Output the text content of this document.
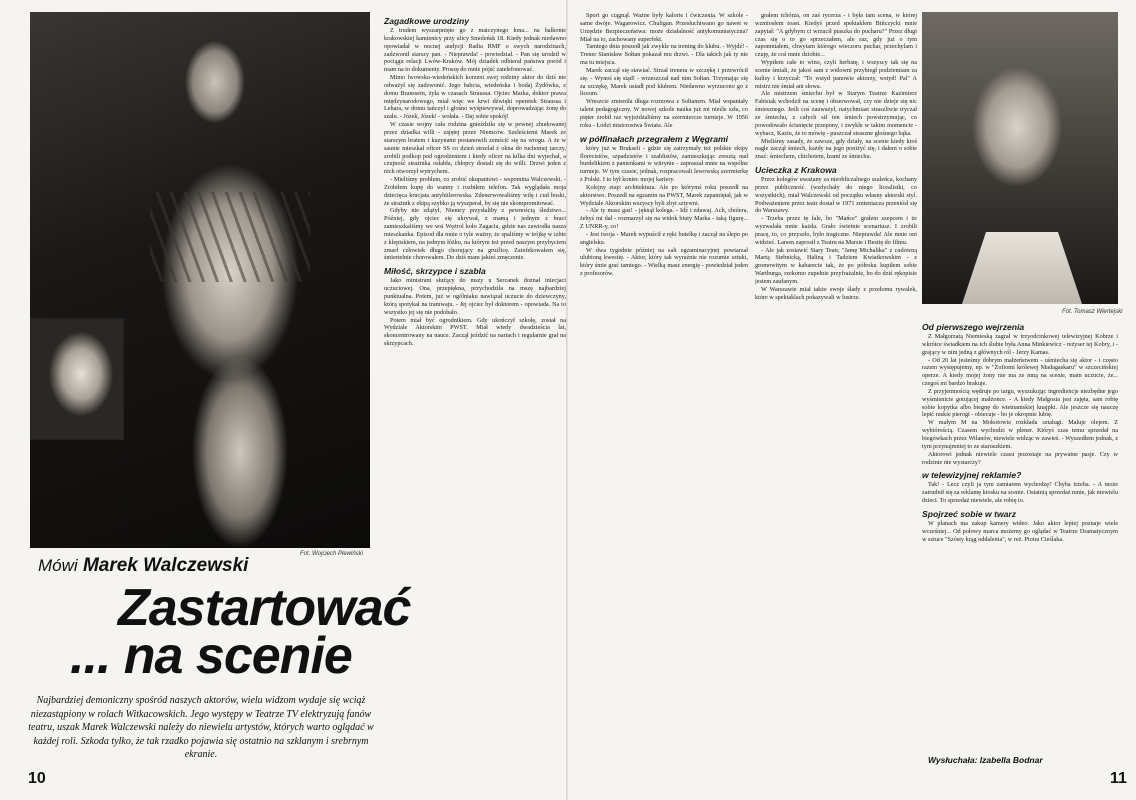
Fot. Wojciech Plewiński
Mówi Marek Walczewski
Zastartować
... na scenie
Najbardziej demoniczny spośród naszych aktorów, wielu widzom wydaje się wciąż niezastąpiony w rolach Witkacowskich. Jego występy w Teatrze TV elektryzują fanów teatru, uszak Marek Walczewski należy do niewielu artystów, których warto oglądać w każdej roli. Szkoda tylko, że tak rzadko pojawia się ostatnio na szklanym i srebrnym ekranie.
10

Zagadkowe urodziny

Z trudem wyszarpnięto go z matczynego łona... na balkonie krakowskiej kamienicy przy ulicy Smoleńsk 18. Kiedy jednak niedawno opowiadał w nocnej audycji Radia RMF o swych narodzinach, zadzwonił starszy pan. - Nieprawda! - powiedział. - Pan się urodził w pociągu relacji Lwów-Kraków. Mój dziadek odbierał państwa poród i mam na to dokumenty. Proszę do mnie pójść zatelefonować.

Mimo lwowsko-wiedeńskich korzeni swej rodziny aktor do dziś nie odważył się zadzwonić. Jego babcia, wiedeńska i bodaj Żydówka, z domu Branssein, żyła w czasach Straussa. Ojciec Marka, doktor prawa międzynarodowego, miał więc we krwi dźwięki operetek Straussa i Lehara, w domu tańczył i głośno wyśpiewywał, doprowadzając żonę do szału. - Józek, Józek! - wołała. - Daj sobie spokój!

W czasie wojny cała rodzina gnieździła się w pewnej zbudowanej przez dziadka willi - zajętej przez Niemców. Szeleściemi Marek ze starszym bratem i kuzynami postanowili zemścić się na wrogu. A że w saunie mieszkał oficer SS co dzień strzelał z okna do ruchomej tarczy, zrobili podkop pod ogrodzeniem i kiedy oficer na kilka dni wyjechał, a czujność strażnika osłabła, chłopcy dostali się do willi. Drzwi jeden z nich otworzył wytrychem.

- Mieliśmy problem, co zrobić okupantowi - wspomina Walczewski. - Zrobiłem kupę do wanny i rozbiłem telefon. Tak wyglądała moja dziecięca krucjata antyhitlerowska. Zdenerwowaliśmy wilę i cud boski, że strażnik z ekipą szybko ją wyszperał, by się nie skompromitować.

Gdyby nie zdążył, Niemcy przysłaliby z pewnością śledztwo... Później, gdy ojciec się ukrywał, z mamą i jednym z braci zamieszkaliśmy we wsi Wężrol koło Zagacia, gdzie nas zawiodła nasza mieszkanka. Epizod dla mnie o tyle ważny, że spaliśmy w trójkę w izbie z klepiskiem, na jednym łóżku, na którym też przed naszym przybyciem zmarł człowiek długo chorujący na gruźlicę. Zainfekowałem się, śmiertelnie chorowałem. Do dziś mam jakieś zmęczenie.

Miłość, skrzypce i szabla

Jako ministrant służący do mszy u Sercanek doznał iniecjaci uczuciowej. Ona, przepiękna, przychodziła na mszę najbardziej punktualna. Potem, już w ogólniaku nawiązał uczucie do dziewczyny, którą spotykał na tramwaju. - Jej ojciec był doktorem - opowiada. Na to wszystko jej się nie podobało.

Potem miał być ogrodnikiem. Gdy ukończył szkołę, został na Wydziale Aktorskim PWST. Miał wtedy dwadzieścia lat, skoncentrowany na nauce. Zaczął jeździć na nartach i regularnie grał na skrzypcach.

Sport go ciągnął. Ważne były kalorie i ćwiczenia. W szkole - same dwóje. Wagarowicz. Chuligan. Przesłuchiwano go nawet w Urzędzie Bezpieczeństwa: może działalność antykomunistyczna? Miał na to, zachowany superfekt.

Tamtego dnia poszedł jak zwykle na trening do klubu. - Wyjdź! - Trener Stanisław Sołtan pokazał mu drzwi. - Dla takich jak ty nie ma tu miejsca.

Marek zaczął się stawiać. Strzał trenera w szczękę i przewrócił się. - Wynoś się stąd! - wrzeszczał nad nim Sołtan. Trzymając się za szczękę, Marek usiadł pod klubem. Niedawno wyrzucono go z liceum.

Wreszcie zmieniła długa rozmowa z Sołtanem. Miał wspaniały talent pedagogiczny. W nowej szkole nauka już mi nieźle szła, co pięter zrobił raz wyjeżdżaliśmy na szermiercze turnieje. W 1956 roku - Łodzi mistrzostwa Świata. Ale

w półfinałach przegrałem z Węgrami

który już w Brukseli - gdzie się zatrzymały też polskie ekipy florecistów, szpadzistów i szablistów, zamieszkując zresztą nad burdelikiem z panienkami w witrynie - zapraszał mnie na wspólne turnieje. W tym czasie, jednak, rozpracowali lewowską szermierkę z Polski. I to był koniec mojej kariery.

Kolejny etap: architektura. Ale po którymś roku poszedł na aktorstwo. Poszedł na egzamin na PWST, Marek zapamiętał, jak w Wydziale Aktorskim wszyscy byli zbyt sztywni.

- Ale ty masz gaz! - jęknął kolega. - Idź i zdawaj. Ach, cholera, żebyś mi dał - rozmarzył się na widok biuty Marka - taką figurę... Z UNRR-y, co!

- Jest twoja - Marek wypuścił z ręki butelkę i zaczął na ślepo po angielsku.

W dwa tygodnie później na sali egzaminacyjnej powtarzał ulubioną kwestię. - Aktor, który tak wyraźnie nie rozumie sztuki, który śmie grać tamtego. - Wielką masz energię - powiedział jeden z profesorów.

grałem tchórza, on zaś rycerza - i była tam scena, w której wzmiosłem toast. Kiedyś przed spektaklem Bińczycki mnie zapytał: "A gdybym ci wrzucił ptaszka do pucharu?" Przez długi czas się o to go sprzeczałem, ale raz, gdy już o tym zapomniałem, chwytam którego wieczoru puchar, przechylam i czuję, że coś mnie dziobie...

Wypiłem całe to wino, czyli herbatę, i wszyscy tak się na scenie śmiali, że jakoś sam z widowni przybiegł podziemiam za kulisy i krzyczał: "To wstyd panowie aktorzy, wstyd! Pal" A mistrz nie śmiał ani słowa.

Ale mistrzem śmiechu był w Starym Teatrze Kazimierz Fabisiak wchodził na scenę i obserwował, czy nie dzieje się nic śmiesznego. Jeśli coś zauważył, natychmiast straszliwie tryczał ze śmiechu, z całych sił ten śmiech powstrzymując, co powodowało ścisnięcie przepony, i zwykle w takim momencie - wybacz, Kaziu, że to mówię - puszczał straszne głośnego bąka.

Mieliśmy zasady, że zawsze, gdy działy, na scenie kiedy ktoś nagle zaczął śmiech, każdy na jego poniżyć się, i dałem o sobie znać: śmiechem, chichotem, łzami ze śmiechu.

Ucieczka z Krakowa

Przez kolegów uważany za nieobliczalnego szaleńca, kochany przez publiczność (wzdychały do niego licealistki, co wszystkich), miał Walczewski od początku własny aktorski styl. Podważeniem przez teatr dostał w 1971 zmieniacza przeniósł się do Warszawy.

- Trzeba przez tę fale, bo "Mańce" grałem szepcem i że wyzwalała mnie każda. Grało świetnie scenariusz. I zrobili pracę, to, co przyszło, było tragiczne. Nieprawda! Ale mnie oni widzieć. Larsen zaprosił z Teatru na Marsie i Bestię do filmu.

- Ale jak zostawić Stary Teatr, "Jamę Michalika" z cudowną Martą Stebnicką, Haliną i Tadziem Kwiatkowskim - z gromowitym w kabarecie tak, że po półroku kupiłem sobie Wartburga, rzekomo zupełnie przyfrażalnie, bo do dziś rękopisie jestem zaufanym.

W Warszawie miał także swoje ślady z przełomu rywalek, które w spektaklach pokazywali w lustrze.

Fot. Tomasz Wiertejski

Od pierwszego wejrzenia

Z Małgorzatą Niemieską zagrał w trzyodcinkowej telewizyjnej Kobrze i wkrótce świadkiem na ich ślubie była Anna Minkiewicz - reżyser tej Kobry, i - grający w nim jedną z głównych ról - Jerzy Kamas.

- Od 20 lat jesteśmy dobrym małżeństwem - uśmiecha się aktor - i często razem występujemy, np. w "Zofiomi królewej Madagaskaru" w szczecińskiej operze. A kiedy mojej żony nie ma ze mną na scenie, mam uczucie, że... czegoś mi bardzo brakuje.

Z przyjemnością wędruje po targu, wyszukując ingrediencje niezbędne jego wyśmienicie gotującej małżonce. - A kiedy Małgosia jest zajęta, sam robię sobie kopytka albo biegnę do wietnamskiej knajpki. Ale jeszcze się nauczę lepić ruskie pierogi - obiecuje - bo je okropnie lubię.

W małym M na Mokotowie rozkłada sztalugi. Maluje olejem. Z wybiórością. Czasem wychodzi w plener. Któryś czas temu sprzedał na biegówkach przez Wilanów, niewiele widząc w zawieś. - Wyszedłem jednak, z tym przynajmniej to ze staruszkiem.

Aktorowi jednak niewiele czasu pozostaje na prywatne pasje. Czy w rodzinie nie wystarczy?

w telewizyjnej reklamie?

Tak! - Lecz czyli ja tym zamiarem wychodzę? Chyba trzeba. - A może zatrudnił się za reklamę kiosku na scenie. Ostatnią sprzedaż mnie, jak niewielu dzieci. To sprzedaż niewiele, ale robię to.

Spojrzeć sobie w twarz

W planach ma zakup kamery wideo. Jako aktor lepiej poznaje wiele wcześniej... Od połowy marca możemy go oglądać w Teatrze Dramatycznym w sztuce "Szósty krąg oddalenia", w reż. Piotra Cieślaka.

Wysłuchała: Izabella Bodnar
11
